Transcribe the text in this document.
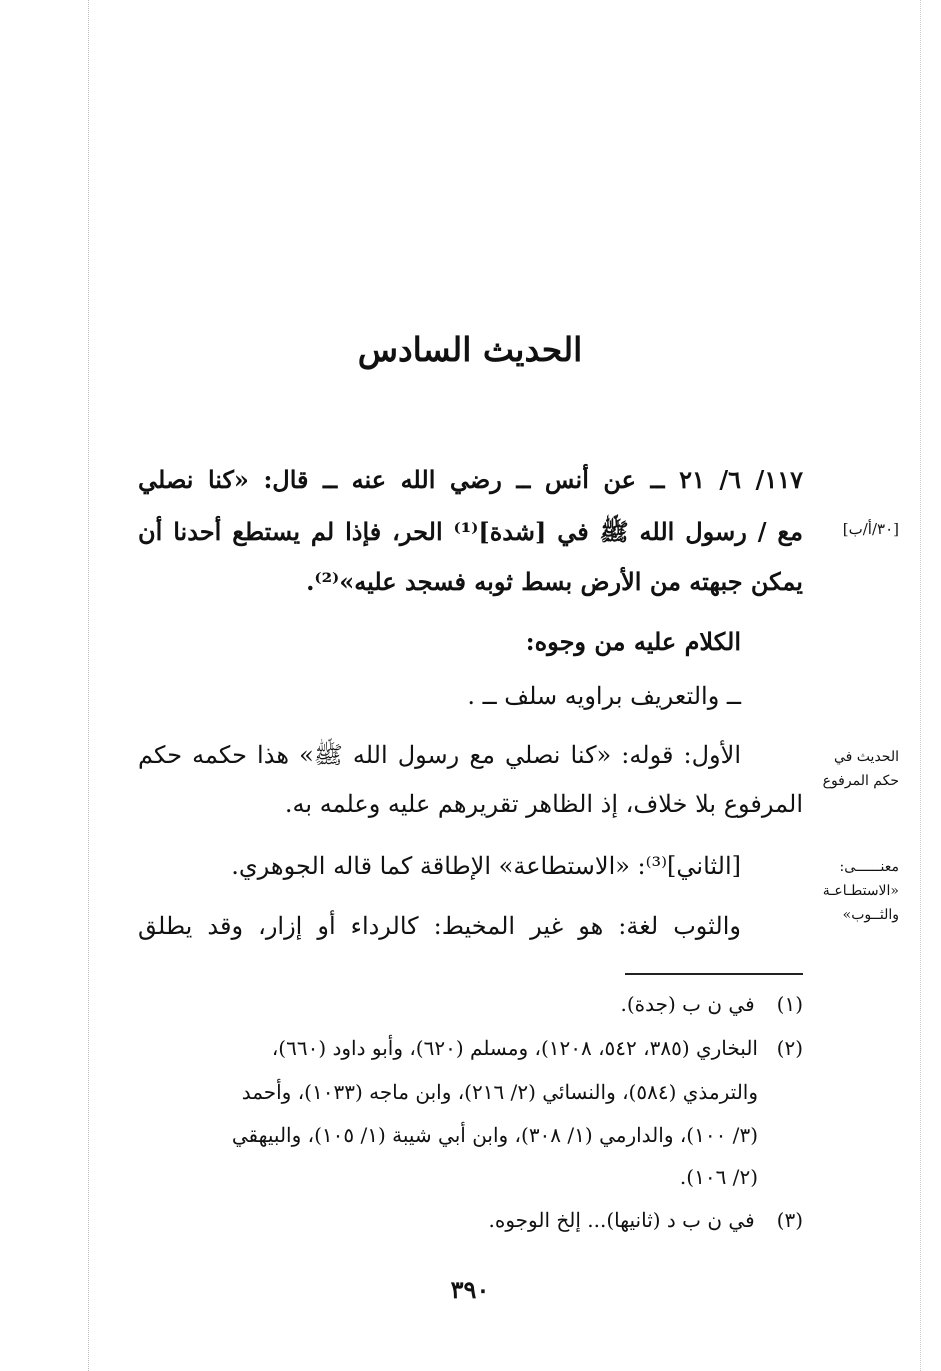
الحديث السادس
١١٧/ ٦/ ٢١ ــ عن أنس ــ رضي الله عنه ــ قال: «كنا نصلي
مع / رسول الله ﷺ في [شدة]⁽¹⁾ الحر، فإذا لم يستطع أحدنا أن
يمكن جبهته من الأرض بسط ثوبه فسجد عليه»⁽²⁾.
الكلام عليه من وجوه:
ــ والتعريف براويه سلف ــ .
الأول: قوله: «كنا نصلي مع رسول الله ﷺ» هذا حكمه حكم
المرفوع بلا خلاف، إذ الظاهر تقريرهم عليه وعلمه به.
[الثاني]⁽³⁾: «الاستطاعة» الإطاقة كما قاله الجوهري.
والثوب لغة: هو غير المخيط: كالرداء أو إزار، وقد يطلق
[٣٠/أ/ب]
الحديث في
حكم المرفوع
معنــــــى:
«الاستطـاعـة
والثــوب»
(١) في ن ب (جدة).
البخاري (٣٨٥، ٥٤٢، ١٢٠٨)، ومسلم (٦٢٠)، وأبو داود (٦٦٠)، (٢)
والترمذي (٥٨٤)، والنسائي (٢/ ٢١٦)، وابن ماجه (١٠٣٣)، وأحمد
(٣/ ١٠٠)، والدارمي (١/ ٣٠٨)، وابن أبي شيبة (١/ ١٠٥)، والبيهقي
(٢/ ١٠٦).
(٣) في ن ب د (ثانيها)... إلخ الوجوه.
٣٩٠
